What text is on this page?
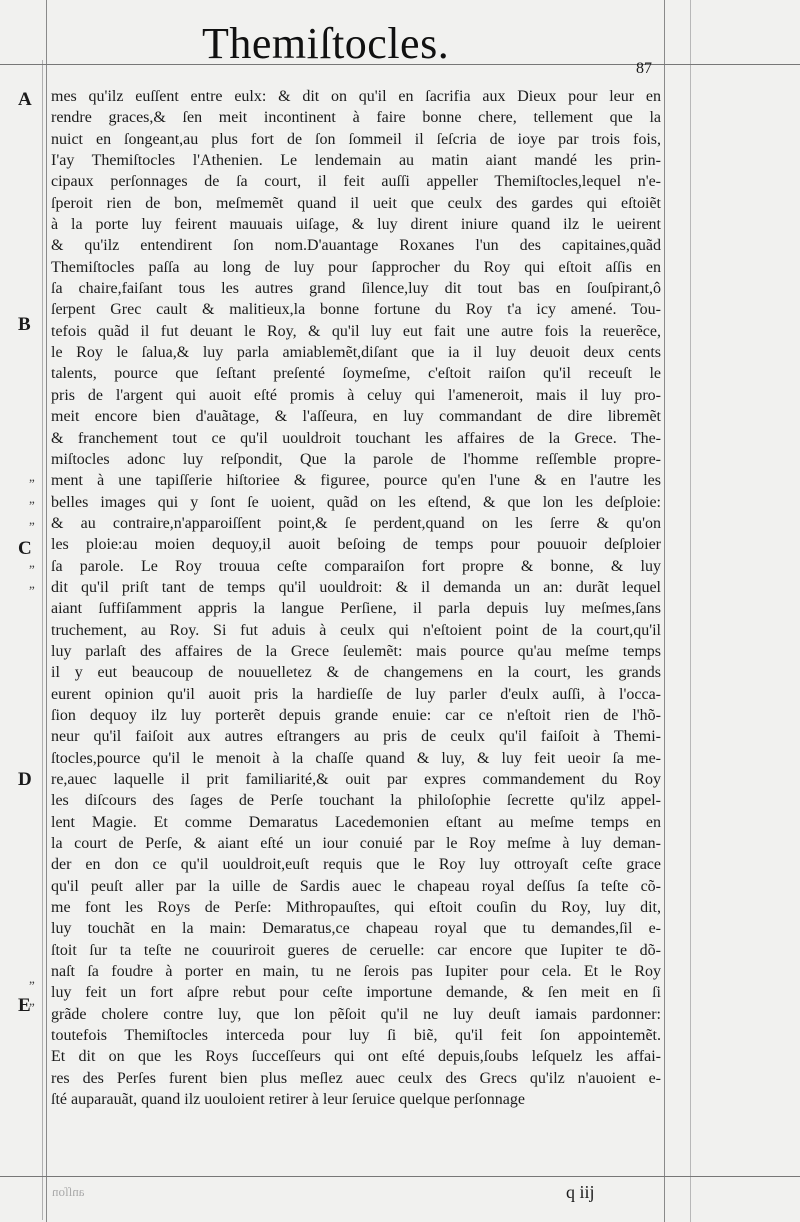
Themiſtocles.
87
A
B
C
D
E
”
”
”
”
”
”
”
mes qu'ilz euſſent entre eulx: & dit on qu'il en ſacrifia aux Dieux pour leur en
rendre graces,& ſen meit incontinent à faire bonne chere, tellement que la
nuict en ſongeant,au plus fort de ſon ſommeil il ſeſcria de ioye par trois fois,
I'ay Themiſtocles l'Athenien. Le lendemain au matin aiant mandé les prin-
cipaux perſonnages de ſa court, il feit auſſi appeller Themiſtocles,lequel n'e-
ſperoit rien de bon, meſmemẽt quand il ueit que ceulx des gardes qui eſtoiẽt
à la porte luy feirent mauuais uiſage, & luy dirent iniure quand ilz le ueirent
& qu'ilz entendirent ſon nom.D'auantage Roxanes l'un des capitaines,quãd
Themiſtocles paſſa au long de luy pour ſapprocher du Roy qui eſtoit aſſis en
ſa chaire,faiſant tous les autres grand ſilence,luy dit tout bas en ſouſpirant,ô
ſerpent Grec cault & malitieux,la bonne fortune du Roy t'a icy amené. Tou-
tefois quãd il fut deuant le Roy, & qu'il luy eut fait une autre fois la reuerẽce,
le Roy le ſalua,& luy parla amiablemẽt,diſant que ia il luy deuoit deux cents
talents, pource que ſeſtant preſenté ſoymeſme, c'eſtoit raiſon qu'il receuſt le
pris de l'argent qui auoit eſté promis à celuy qui l'ameneroit, mais il luy pro-
meit encore bien d'auãtage, & l'aſſeura, en luy commandant de dire libremẽt
& franchement tout ce qu'il uouldroit touchant les affaires de la Grece. The-
miſtocles adonc luy reſpondit, Que la parole de l'homme reſſemble propre-
ment à une tapiſſerie hiſtoriee & figuree, pource qu'en l'une & en l'autre les
belles images qui y ſont ſe uoient, quãd on les eſtend, & que lon les deſploie:
& au contraire,n'apparoiſſent point,& ſe perdent,quand on les ſerre & qu'on
les ploie:au moien dequoy,il auoit beſoing de temps pour pouuoir deſploier
ſa parole. Le Roy trouua ceſte comparaiſon fort propre & bonne, & luy
dit qu'il priſt tant de temps qu'il uouldroit: & il demanda un an: durãt lequel
aiant ſuffiſamment appris la langue Perſiene, il parla depuis luy meſmes,ſans
truchement, au Roy. Si fut aduis à ceulx qui n'eſtoient point de la court,qu'il
luy parlaſt des affaires de la Grece ſeulemẽt: mais pource qu'au meſme temps
il y eut beaucoup de nouuelletez & de changemens en la court, les grands
eurent opinion qu'il auoit pris la hardieſſe de luy parler d'eulx auſſi, à l'occa-
ſion dequoy ilz luy porterẽt depuis grande enuie: car ce n'eſtoit rien de l'hõ-
neur qu'il faiſoit aux autres eſtrangers au pris de ceulx qu'il faiſoit à Themi-
ſtocles,pource qu'il le menoit à la chaſſe quand & luy, & luy feit ueoir ſa me-
re,auec laquelle il prit familiarité,& ouit par expres commandement du Roy
les diſcours des ſages de Perſe touchant la philoſophie ſecrette qu'ilz appel-
lent Magie. Et comme Demaratus Lacedemonien eſtant au meſme temps en
la court de Perſe, & aiant eſté un iour conuié par le Roy meſme à luy deman-
der en don ce qu'il uouldroit,euſt requis que le Roy luy ottroyaſt ceſte grace
qu'il peuſt aller par la uille de Sardis auec le chapeau royal deſſus ſa teſte cõ-
me font les Roys de Perſe: Mithropauſtes, qui eſtoit couſin du Roy, luy dit,
luy touchãt en la main: Demaratus,ce chapeau royal que tu demandes,ſil e-
ſtoit ſur ta teſte ne couuriroit gueres de ceruelle: car encore que Iupiter te dõ-
naſt ſa foudre à porter en main, tu ne ſerois pas Iupiter pour cela. Et le Roy
luy feit un fort aſpre rebut pour ceſte importune demande, & ſen meit en ſi
grãde cholere contre luy, que lon pẽſoit qu'il ne luy deuſt iamais pardonner:
toutefois Themiſtocles interceda pour luy ſi biẽ, qu'il feit ſon appointemẽt.
Et dit on que les Roys ſucceſſeurs qui ont eſté depuis,ſoubs leſquelz les affai-
res des Perſes furent bien plus meſlez auec ceulx des Grecs qu'ilz n'auoient e-
ſté auparauãt, quand ilz uouloient retirer à leur ſeruice quelque perſonnage
anſſon	q iij
